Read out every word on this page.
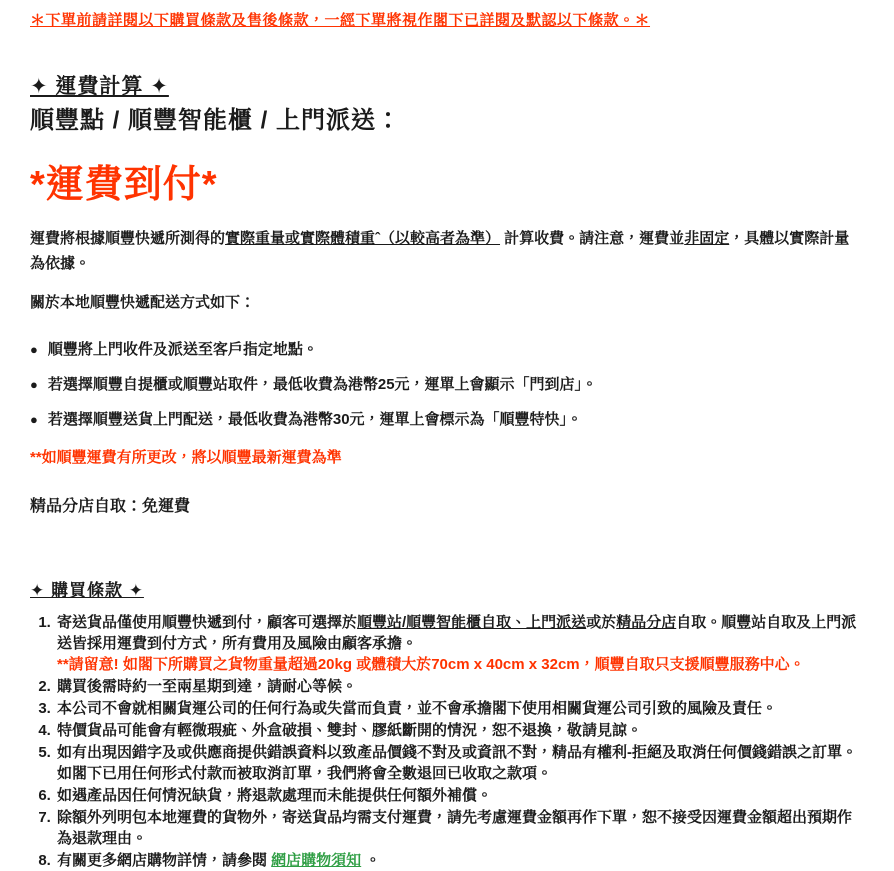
＊下單前請詳閱以下購買條款及售後條款，一經下單將視作閣下已詳閱及默認以下條款。＊

✦ 運費計算 ✦
順豐點 / 順豐智能櫃 / 上門派送：
*運費到付*

運費將根據順豐快遞所測得的實際重量或實際體積重ˆ（以較高者為準） 計算收費。請注意，運費並非固定，具體以實際計量為依據。

關於本地順豐快遞配送方式如下：

● 順豐將上門收件及派送至客戶指定地點。
● 若選擇順豐自提櫃或順豐站取件，最低收費為港幣25元，運單上會顯示「門到店」。
● 若選擇順豐送貨上門配送，最低收費為港幣30元，運單上會標示為「順豐特快」。

**如順豐運費有所更改，將以順豐最新運費為準

精品分店自取：免運費

✦ 購買條款 ✦
1. 寄送貨品僅使用順豐快遞到付，顧客可選擇於順豐站/順豐智能櫃自取、上門派送或於精品分店自取。順豐站自取及上門派送皆採用運費到付方式，所有費用及風險由顧客承擔。
**請留意! 如閣下所購買之貨物重量超過20kg 或體積大於70cm x 40cm x 32cm，順豐自取只支援順豐服務中心。
2. 購買後需時約一至兩星期到達，請耐心等候。
3. 本公司不會就相關貨運公司的任何行為或失當而負責，並不會承擔閣下使用相關貨運公司引致的風險及責任。
4. 特價貨品可能會有輕微瑕疵、外盒破損、雙封、膠紙斷開的情況，恕不退換，敬請見諒。
5. 如有出現因錯字及或供應商提供錯誤資料以致產品價錢不對及或資訊不對，精品有權利-拒絕及取消任何價錢錯誤之訂單。如閣下已用任何形式付款而被取消訂單，我們將會全數退回已收取之款項。
6. 如遇產品因任何情況缺貨，將退款處理而未能提供任何額外補償。
7. 除額外列明包本地運費的貨物外，寄送貨品均需支付運費，請先考慮運費金額再作下單，恕不接受因運費金額超出預期作為退款理由。
8. 有關更多網店購物詳情，請參閱 網店購物須知 。
